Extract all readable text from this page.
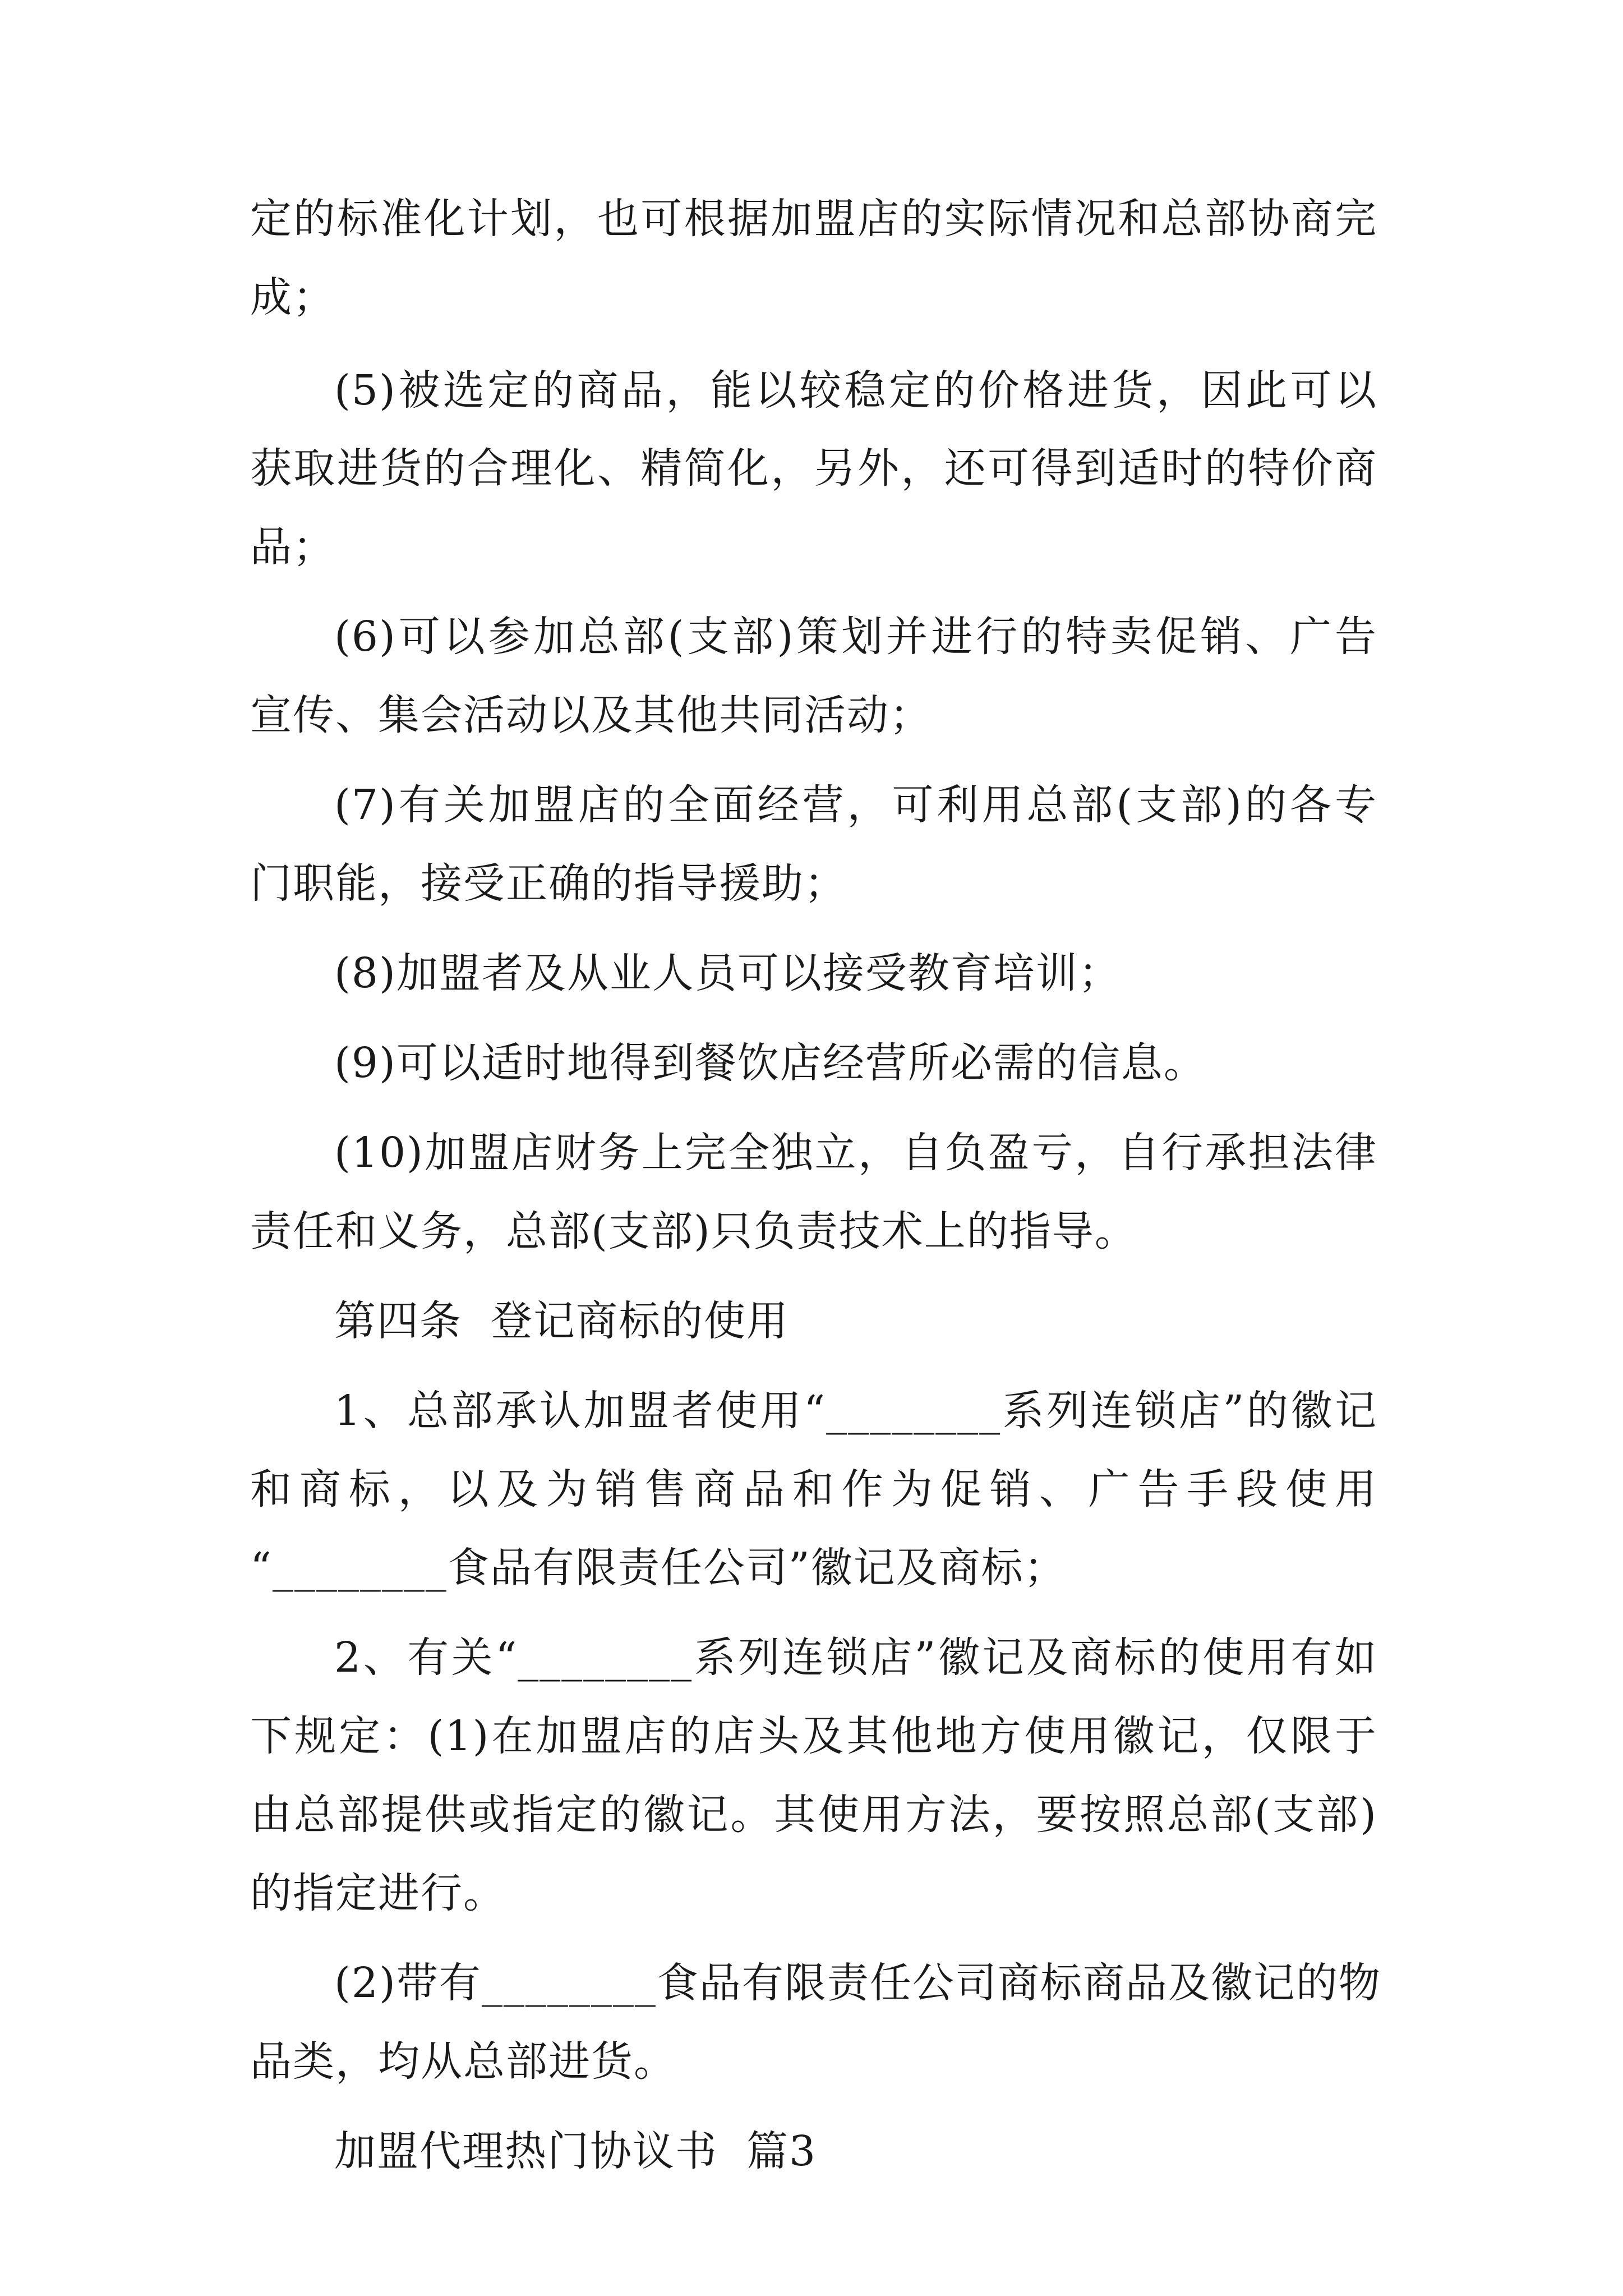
定的标准化计划，也可根据加盟店的实际情况和总部协商完
成；
(5)被选定的商品，能以较稳定的价格进货，因此可以
获取进货的合理化、精简化，另外，还可得到适时的特价商
品；
(6)可以参加总部(支部)策划并进行的特卖促销、广告
宣传、集会活动以及其他共同活动；
(7)有关加盟店的全面经营，可利用总部(支部)的各专
门职能，接受正确的指导援助；
(8)加盟者及从业人员可以接受教育培训；
(9)可以适时地得到餐饮店经营所必需的信息。
(10)加盟店财务上完全独立，自负盈亏，自行承担法律
责任和义务，总部(支部)只负责技术上的指导。
第四条  登记商标的使用
1、总部承认加盟者使用“________系列连锁店”的徽记
和商标，以及为销售商品和作为促销、广告手段使用
“________食品有限责任公司”徽记及商标；
2、有关“________系列连锁店”徽记及商标的使用有如
下规定：(1)在加盟店的店头及其他地方使用徽记，仅限于
由总部提供或指定的徽记。其使用方法，要按照总部(支部)
的指定进行。
(2)带有________食品有限责任公司商标商品及徽记的物
品类，均从总部进货。
加盟代理热门协议书  篇3
